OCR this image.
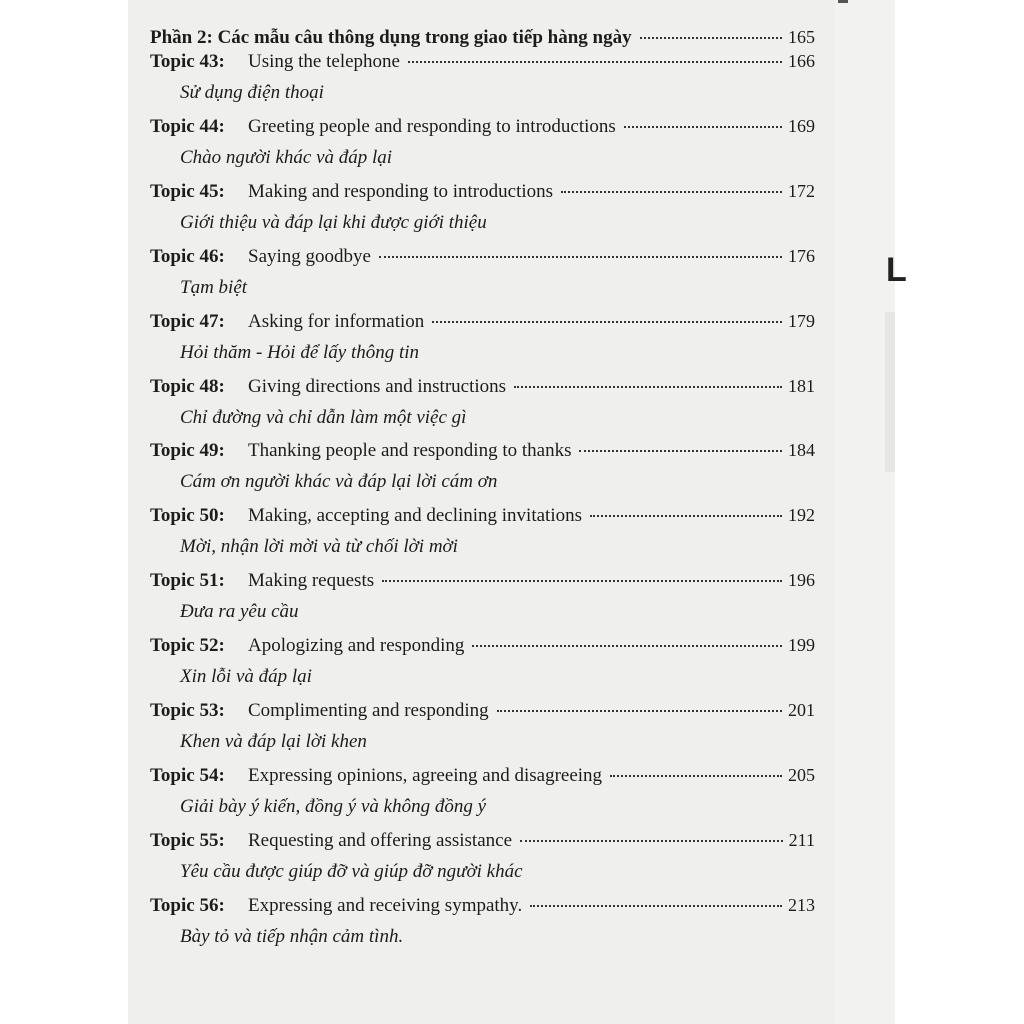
L
Phần 2: Các mẫu câu thông dụng trong giao tiếp hàng ngày	165
Topic 43:	Using the telephone	166
Sử dụng điện thoại
Topic 44:	Greeting people and responding to introductions	169
Chào người khác và đáp lại
Topic 45:	Making and responding to introductions	172
Giới thiệu và đáp lại khi được giới thiệu
Topic 46:	Saying goodbye	176
Tạm biệt
Topic 47:	Asking for information	179
Hỏi thăm - Hỏi để lấy thông tin
Topic 48:	Giving directions and instructions	181
Chỉ đường và chỉ dẫn làm một việc gì
Topic 49:	Thanking people and responding to thanks	184
Cám ơn người khác và đáp lại lời cám ơn
Topic 50:	Making, accepting and declining invitations	192
Mời, nhận lời mời và từ chối lời mời
Topic 51:	Making requests	196
Đưa ra yêu cầu
Topic 52:	Apologizing and responding	199
Xin lỗi và đáp lại
Topic 53:	Complimenting and responding	201
Khen và đáp lại lời khen
Topic 54:	Expressing opinions, agreeing and disagreeing	205
Giải bày ý kiến, đồng ý và không đồng ý
Topic 55:	Requesting and offering assistance	211
Yêu cầu được giúp đỡ và giúp đỡ người khác
Topic 56:	Expressing and receiving sympathy.	213
Bày tỏ và tiếp nhận cảm tình.
